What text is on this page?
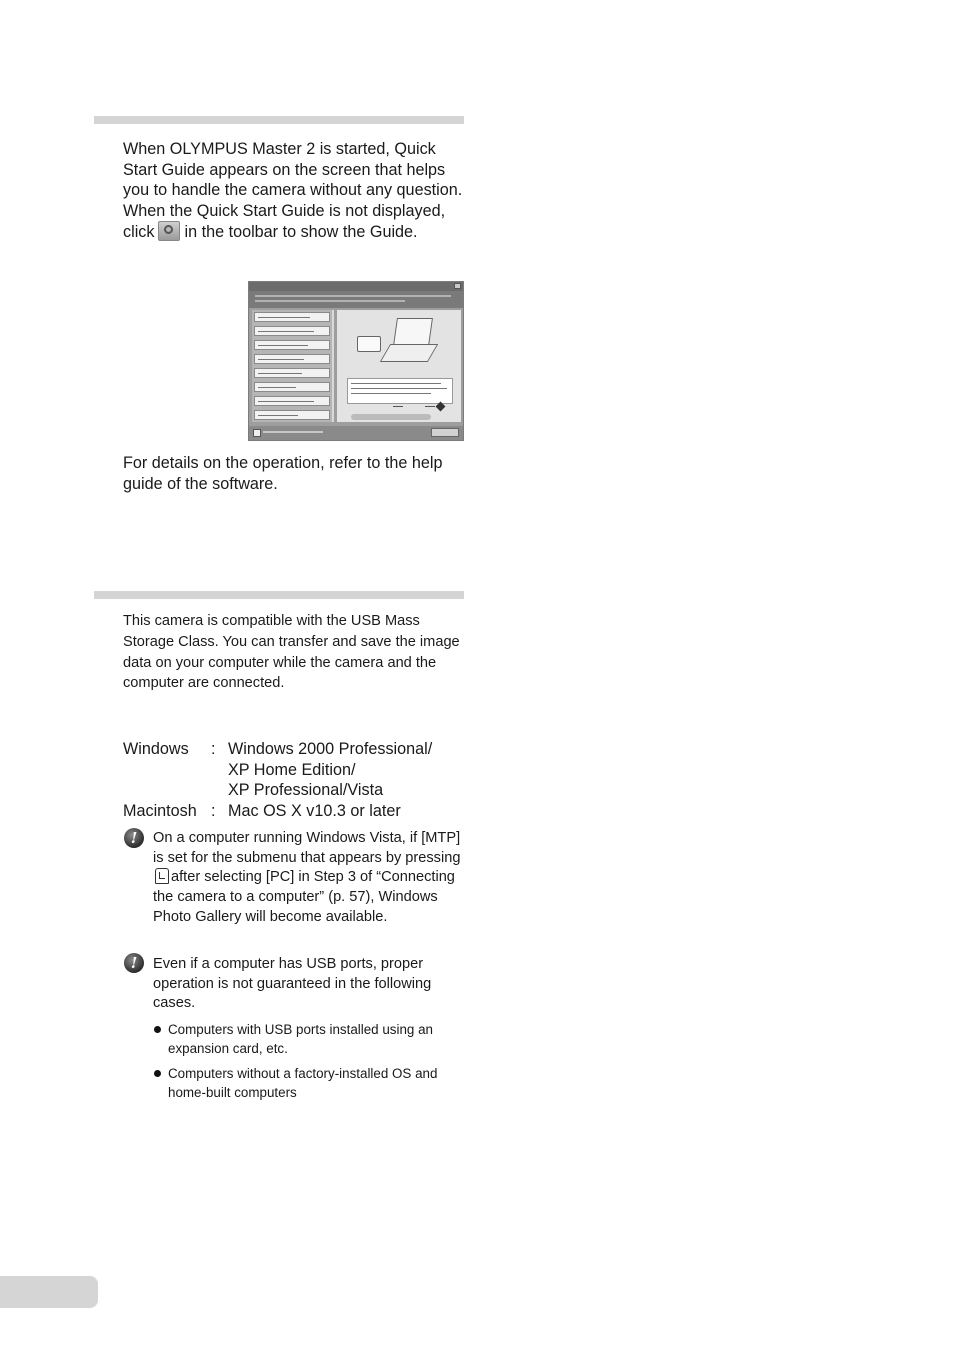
When OLYMPUS Master 2 is started, Quick Start Guide appears on the screen that helps you to handle the camera without any question. When the Quick Start Guide is not displayed, click in the toolbar to show the Guide.
For details on the operation, refer to the help guide of the software.
This camera is compatible with the USB Mass Storage Class. You can transfer and save the image data on your computer while the camera and the computer are connected.
Windows : Windows 2000 Professional/
XP Home Edition/
XP Professional/Vista
Macintosh : Mac OS X v10.3 or later
!	On a computer running Windows Vista, if [MTP] is set for the submenu that appears by pressingafter selecting [PC] in Step 3 of “Connecting the camera to a computer” (p. 57), Windows Photo Gallery will become available.
!	Even if a computer has USB ports, proper operation is not guaranteed in the following cases.
Computers with USB ports installed using an expansion card, etc.
Computers without a factory-installed OS and home-built computers
